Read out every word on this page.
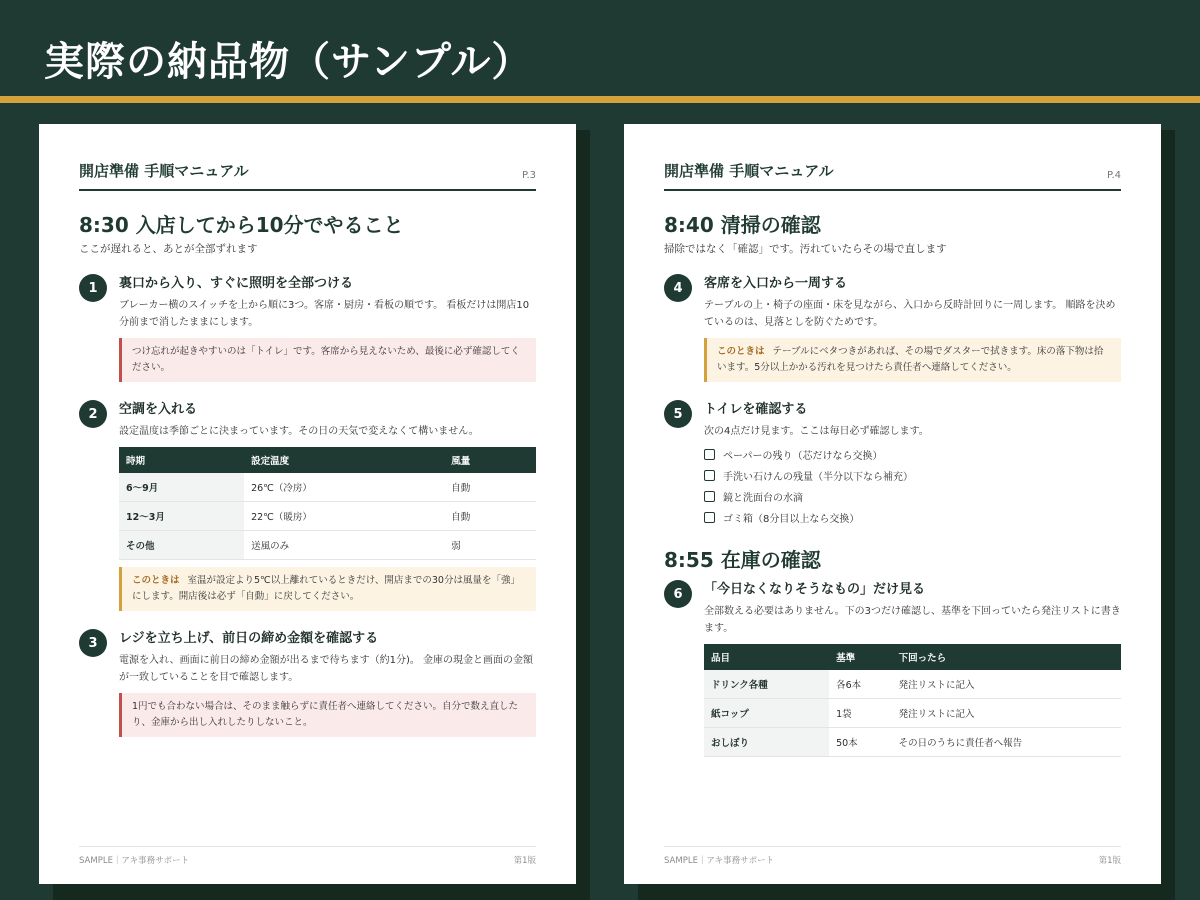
実際の納品物（サンプル）
開店準備 手順マニュアル	P.3
8:30 入店してから10分でやること
ここが遅れると、あとが全部ずれます
1	裏口から入り、すぐに照明を全部つける
ブレーカー横のスイッチを上から順に3つ。客席・厨房・看板の順です。 看板だけは開店10分前まで消したままにします。
つけ忘れが起きやすいのは「トイレ」です。客席から見えないため、最後に必ず確認してください。
2	空調を入れる
設定温度は季節ごとに決まっています。その日の天気で変えなくて構いません。
時期	設定温度	風量
6〜9月	26℃（冷房）	自動
12〜3月	22℃（暖房）	自動
その他	送風のみ	弱
このときは 室温が設定より5℃以上離れているときだけ、開店までの30分は風量を「強」にします。開店後は必ず「自動」に戻してください。
3	レジを立ち上げ、前日の締め金額を確認する
電源を入れ、画面に前日の締め金額が出るまで待ちます（約1分)。 金庫の現金と画面の金額が一致していることを目で確認します。
1円でも合わない場合は、そのまま触らずに責任者へ連絡してください。自分で数え直したり、金庫から出し入れしたりしないこと。
SAMPLE｜アキ事務サポート	第1版
開店準備 手順マニュアル	P.4
8:40 清掃の確認
掃除ではなく「確認」です。汚れていたらその場で直します
4	客席を入口から一周する
テーブルの上・椅子の座面・床を見ながら、入口から反時計回りに一周します。 順路を決めているのは、見落としを防ぐためです。
このときは テーブルにベタつきがあれば、その場でダスターで拭きます。床の落下物は拾います。5分以上かかる汚れを見つけたら責任者へ連絡してください。
5	トイレを確認する
次の4点だけ見ます。ここは毎日必ず確認します。
ペーパーの残り（芯だけなら交換）
手洗い石けんの残量（半分以下なら補充）
鏡と洗面台の水滴
ゴミ箱（8分目以上なら交換）
8:55 在庫の確認
6	「今日なくなりそうなもの」だけ見る
全部数える必要はありません。下の3つだけ確認し、基準を下回っていたら発注リストに書きます。
品目	基準	下回ったら
ドリンク各種	各6本	発注リストに記入
紙コップ	1袋	発注リストに記入
おしぼり	50本	その日のうちに責任者へ報告
SAMPLE｜アキ事務サポート	第1版
